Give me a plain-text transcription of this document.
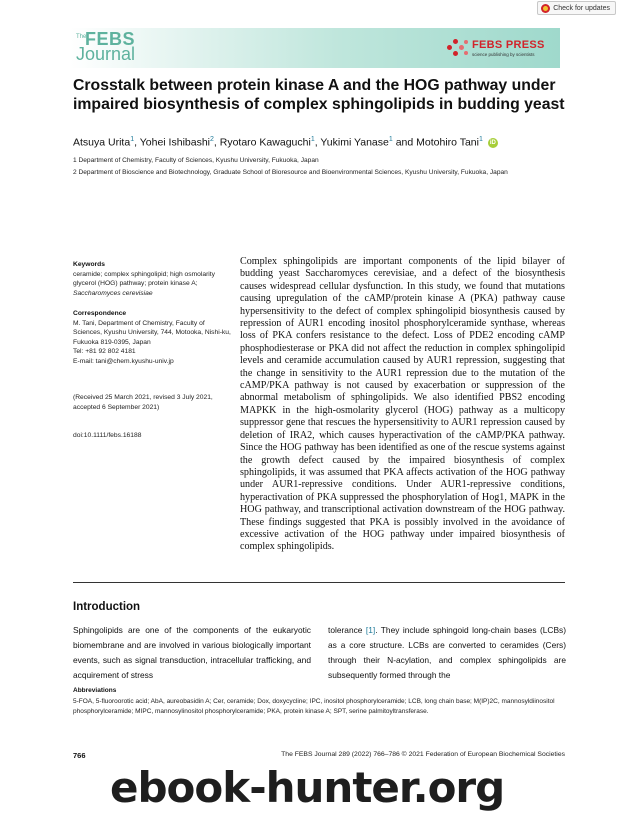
Check for updates
The
FEBS
Journal	FEBS PRESS
science publishing by scientists
Crosstalk between protein kinase A and the HOG pathway under impaired biosynthesis of complex sphingolipids in budding yeast
Atsuya Urita$^1$, Yohei Ishibashi$^2$, Ryotaro Kawaguchi$^1$, Yukimi Yanase$^1$ and Motohiro Tani$^1$ iD

1 Department of Chemistry, Faculty of Sciences, Kyushu University, Fukuoka, Japan

2 Department of Bioscience and Biotechnology, Graduate School of Bioresource and Bioenvironmental Sciences, Kyushu University, Fukuoka, Japan

Keywords
ceramide; complex sphingolipid; high osmolarity glycerol (HOG) pathway; protein kinase A; Saccharomyces cerevisiae
Correspondence
M. Tani, Department of Chemistry, Faculty of Sciences, Kyushu University, 744, Motooka, Nishi-ku, Fukuoka 819-0395, Japan
Tel: +81 92 802 4181
E-mail: tani@chem.kyushu-univ.jp
(Received 25 March 2021, revised 3 July 2021, accepted 6 September 2021)
doi:10.1111/febs.16188

Complex sphingolipids are important components of the lipid bilayer of budding yeast Saccharomyces cerevisiae, and a defect of the biosynthesis causes widespread cellular dysfunction. In this study, we found that mutations causing upregulation of the cAMP/protein kinase A (PKA) pathway cause hypersensitivity to the defect of complex sphingolipid biosynthesis caused by repression of AUR1 encoding inositol phosphorylceramide synthase, whereas loss of PKA confers resistance to the defect. Loss of PDE2 encoding cAMP phosphodiesterase or PKA did not affect the reduction in complex sphingolipid levels and ceramide accumulation caused by AUR1 repression, suggesting that the change in sensitivity to the AUR1 repression due to the mutation of the cAMP/PKA pathway is not caused by exacerbation or suppression of the abnormal metabolism of sphingolipids. We also identified PBS2 encoding MAPKK in the high-osmolarity glycerol (HOG) pathway as a multicopy suppressor gene that rescues the hypersensitivity to AUR1 repression caused by deletion of IRA2, which causes hyperactivation of the cAMP/PKA pathway. Since the HOG pathway has been identified as one of the rescue systems against the growth defect caused by the impaired biosynthesis of complex sphingolipids, it was assumed that PKA affects activation of the HOG pathway under AUR1-repressive conditions. Under AUR1-repressive conditions, hyperactivation of PKA suppressed the phosphorylation of Hog1, MAPK in the HOG pathway, and transcriptional activation downstream of the HOG pathway. These findings suggested that PKA is possibly involved in the avoidance of excessive activation of the HOG pathway under impaired biosynthesis of complex sphingolipids.

Introduction

Sphingolipids are one of the components of the eukaryotic biomembrane and are involved in various biologically important events, such as signal transduction, intracellular trafficking, and acquirement of stress

tolerance [1]. They include sphingoid long-chain bases (LCBs) as a core structure. LCBs are converted to ceramides (Cers) through their N-acylation, and complex sphingolipids are subsequently formed through the

Abbreviations
5-FOA, 5-fluoroorotic acid; AbA, aureobasidin A; Cer, ceramide; Dox, doxycycline; IPC, inositol phosphorylceramide; LCB, long chain base; M(IP)2C, mannosyldiinositol phosphorylceramide; MIPC, mannosylinositol phosphorylceramide; PKA, protein kinase A; SPT, serine palmitoyltransferase.
766	The FEBS Journal 289 (2022) 766–786 © 2021 Federation of European Biochemical Societies
ebook-hunter.org
